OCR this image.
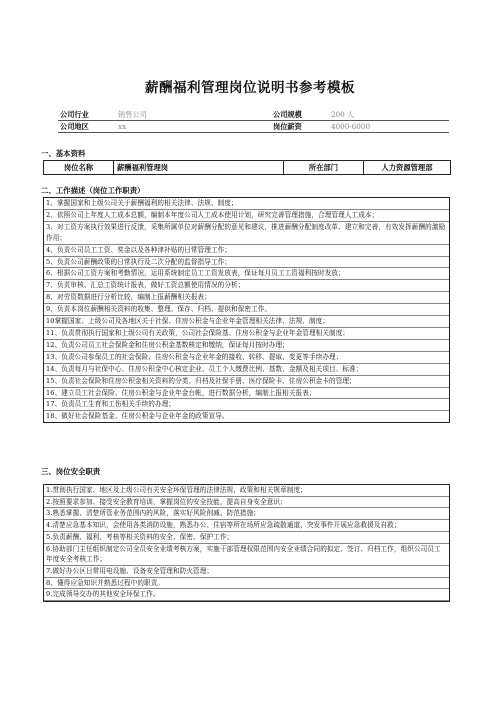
薪酬福利管理岗位说明书参考模板
公司行业	销售公司	公司规模	200 人
公司地区	xx	岗位薪资	4000-6000
一、基本资料
岗位名称	薪酬福利管理岗	所在部门	人力资源管理部
二、工作描述（岗位工作职责）
1、掌握国家和上级公司关于薪酬福利的相关法律、法规、制度；
2、依照公司上年度人工成本总额，编制本年度公司人工成本使用计划，研究完善管理措施，合理管理人工成本；
3、对工资方案执行效果进行反馈，采集所属单位对薪酬分配的意见和建议，推进薪酬分配制度改革、建立和完善，有效发挥薪酬的激励作用；
4、负责公司员工工资、奖金以及各种津补贴的日常管理工作；
5、负责公司薪酬政策的日常执行及二次分配的监督指导工作；
6、根据公司工资方案和考勤情况，运用系统制定员工工资发放表，保证每月员工工资福利按时发放；
7、负责审核、汇总工资统计报表，做好工资总额使用情况的分析；
8、对劳资数据进行分析比较，编制上报薪酬相关报表；
9、负责本岗位薪酬相关资料的收集、整理、保存、归档、提供和保密工作。
10掌握国家、上级公司及各地区关于社保、住房公积金与企业年金管理相关法律、法规、制度；
11、负责贯彻执行国家和上级公司有关政策，公司社会保险基、住房公积金与企业年金管理相关制度；
12、负责公司员工社会保险金和住房公积金基数核定和缴纳，保证每月按时办理；
13、负责公司参保员工的社会保险、住房公积金与企业年金的接收、转移、提取、变更等手续办理；
14、负责每月与社保中心、住房公积金中心核定企业、员工个人缴费比例、基数、金额及相关项目、标准；
15、负责社会保险和住房公积金相关资料的分类、归档及社保手册、医疗保险卡、住房公积金卡的管理；
16、建立员工社会保险、住房公积金与企业年金台帐，进行数据分析，编制上报相关报表；
17、负责员工生育和工伤相关手续的办理；
18、做好社会保险基金、住房公积金与企业年金的政策宣导。
三、岗位安全职责
1.贯彻执行国家、地区及上级公司有关安全环保管理的法律法规、政策和相关规章制度；
2.按照要求参加、接受安全教育培训，掌握岗位的安全技能，提高自身安全意识；
3.熟悉掌握、清楚所管业务范围内的风险，落实好风险削减、防范措施；
4.清楚应急基本知识，会使用各类消防设施，熟悉办公、住宿等所在场所应急疏散通道，突发事件开展应急救援及自救；
5.负责薪酬、福利、考核等相关资料的安全、保密、保护工作；
6.协助部门主任组织制定公司全员安全业绩考核方案，实施干部管理权限范围内安全业绩合同的拟定、签订、归档工作，组织公司员工年度安全考核工作；
7.做好办公区日常用电设施、设备安全管理和防火管理；
8、懂得应急知识并熟悉过程中的职责。
9.完成领导交办的其他安全环保工作。
